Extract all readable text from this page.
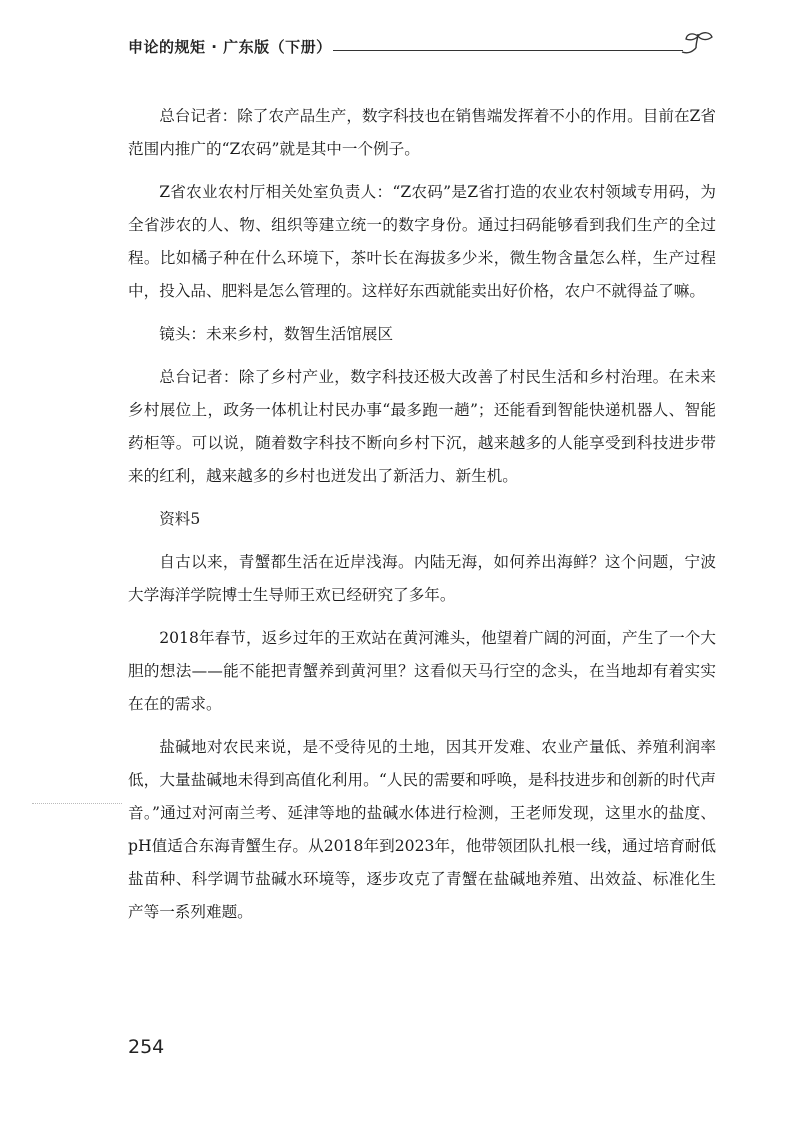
申论的规矩 · 广东版（下册）

总台记者：除了农产品生产，数字科技也在销售端发挥着不小的作用。目前在Z省范围内推广的“Z农码”就是其中一个例子。

Z省农业农村厅相关处室负责人：“Z农码”是Z省打造的农业农村领域专用码，为全省涉农的人、物、组织等建立统一的数字身份。通过扫码能够看到我们生产的全过程。比如橘子种在什么环境下，茶叶长在海拔多少米，微生物含量怎么样，生产过程中，投入品、肥料是怎么管理的。这样好东西就能卖出好价格，农户不就得益了嘛。

镜头：未来乡村，数智生活馆展区

总台记者：除了乡村产业，数字科技还极大改善了村民生活和乡村治理。在未来乡村展位上，政务一体机让村民办事“最多跑一趟”；还能看到智能快递机器人、智能药柜等。可以说，随着数字科技不断向乡村下沉，越来越多的人能享受到科技进步带来的红利，越来越多的乡村也迸发出了新活力、新生机。

资料5

自古以来，青蟹都生活在近岸浅海。内陆无海，如何养出海鲜？这个问题，宁波大学海洋学院博士生导师王欢已经研究了多年。

2018年春节，返乡过年的王欢站在黄河滩头，他望着广阔的河面，产生了一个大胆的想法——能不能把青蟹养到黄河里？这看似天马行空的念头，在当地却有着实实在在的需求。

盐碱地对农民来说，是不受待见的土地，因其开发难、农业产量低、养殖利润率低，大量盐碱地未得到高值化利用。“人民的需要和呼唤，是科技进步和创新的时代声音。”通过对河南兰考、延津等地的盐碱水体进行检测，王老师发现，这里水的盐度、pH值适合东海青蟹生存。从2018年到2023年，他带领团队扎根一线，通过培育耐低盐苗种、科学调节盐碱水环境等，逐步攻克了青蟹在盐碱地养殖、出效益、标准化生产等一系列难题。

254
